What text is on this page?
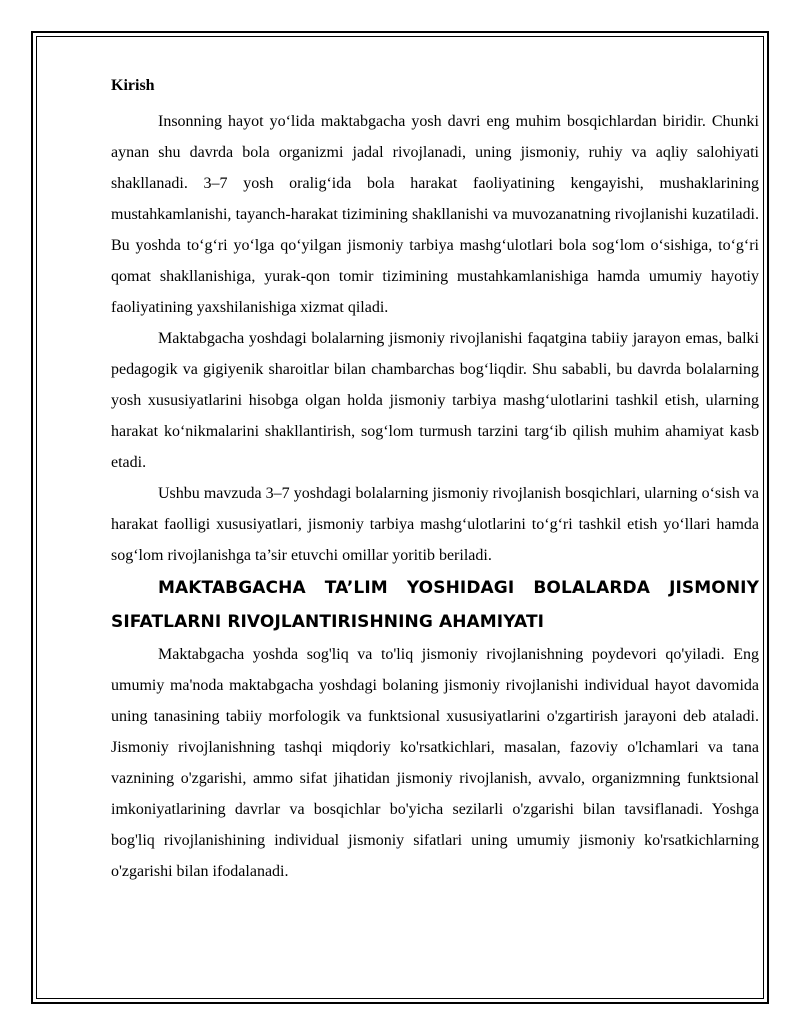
Kirish

Insonning hayot yo‘lida maktabgacha yosh davri eng muhim bosqichlardan biridir. Chunki aynan shu davrda bola organizmi jadal rivojlanadi, uning jismoniy, ruhiy va aqliy salohiyati shakllanadi. 3–7 yosh oralig‘ida bola harakat faoliyatining kengayishi, mushaklarining mustahkamlanishi, tayanch-harakat tizimining shakllanishi va muvozanatning rivojlanishi kuzatiladi. Bu yoshda to‘g‘ri yo‘lga qo‘yilgan jismoniy tarbiya mashg‘ulotlari bola sog‘lom o‘sishiga, to‘g‘ri qomat shakllanishiga, yurak-qon tomir tizimining mustahkamlanishiga hamda umumiy hayotiy faoliyatining yaxshilanishiga xizmat qiladi.

Maktabgacha yoshdagi bolalarning jismoniy rivojlanishi faqatgina tabiiy jarayon emas, balki pedagogik va gigiyenik sharoitlar bilan chambarchas bog‘liqdir. Shu sababli, bu davrda bolalarning yosh xususiyatlarini hisobga olgan holda jismoniy tarbiya mashg‘ulotlarini tashkil etish, ularning harakat ko‘nikmalarini shakllantirish, sog‘lom turmush tarzini targ‘ib qilish muhim ahamiyat kasb etadi.

Ushbu mavzuda 3–7 yoshdagi bolalarning jismoniy rivojlanish bosqichlari, ularning o‘sish va harakat faolligi xususiyatlari, jismoniy tarbiya mashg‘ulotlarini to‘g‘ri tashkil etish yo‘llari hamda sog‘lom rivojlanishga ta’sir etuvchi omillar yoritib beriladi.

MAKTABGACHA TA’LIM YOSHIDAGI BOLALARDA JISMONIY SIFATLARNI RIVOJLANTIRISHNING AHAMIYATI

Maktabgacha yoshda sog'liq va to'liq jismoniy rivojlanishning poydevori qo'yiladi. Eng umumiy ma'noda maktabgacha yoshdagi bolaning jismoniy rivojlanishi individual hayot davomida uning tanasining tabiiy morfologik va funktsional xususiyatlarini o'zgartirish jarayoni deb ataladi. Jismoniy rivojlanishning tashqi miqdoriy ko'rsatkichlari, masalan, fazoviy o'lchamlari va tana vaznining o'zgarishi, ammo sifat jihatidan jismoniy rivojlanish, avvalo, organizmning funktsional imkoniyatlarining davrlar va bosqichlar bo'yicha sezilarli o'zgarishi bilan tavsiflanadi. Yoshga bog'liq rivojlanishining individual jismoniy sifatlari uning umumiy jismoniy ko'rsatkichlarning o'zgarishi bilan ifodalanadi.
